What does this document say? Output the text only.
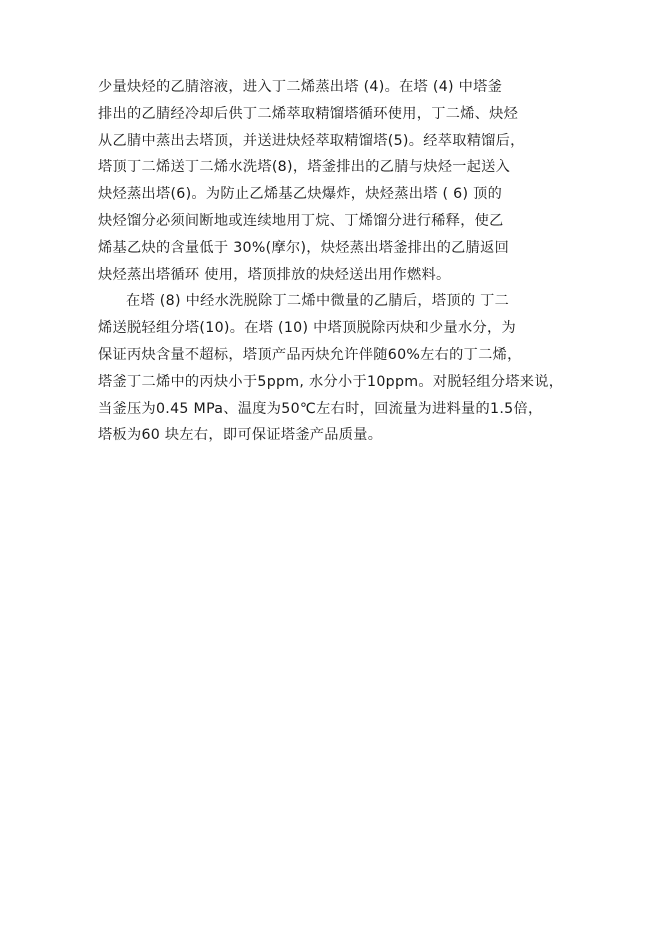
少量炔烃的乙腈溶液，进入丁二烯蒸出塔 (4)。在塔 (4) 中塔釜
排出的乙腈经冷却后供丁二烯萃取精馏塔循环使用，丁二烯、炔烃
从乙腈中蒸出去塔顶，并送进炔烃萃取精馏塔(5)。经萃取精馏后，
塔顶丁二烯送丁二烯水洗塔(8)，塔釜排出的乙腈与炔烃一起送入
炔烃蒸出塔(6)。为防止乙烯基乙炔爆炸，炔烃蒸出塔 ( 6) 顶的
炔烃馏分必须间断地或连续地用丁烷、丁烯馏分进行稀释，使乙
烯基乙炔的含量低于 30%(摩尔)，炔烃蒸出塔釜排出的乙腈返回
炔烃蒸出塔循环 使用，塔顶排放的炔烃送出用作燃料。
在塔 (8) 中经水洗脱除丁二烯中微量的乙腈后，塔顶的 丁二
烯送脱轻组分塔(10)。在塔 (10) 中塔顶脱除丙炔和少量水分，为
保证丙炔含量不超标，塔顶产品丙炔允许伴随60%左右的丁二烯，
塔釜丁二烯中的丙炔小于5ppm, 水分小于10ppm。对脱轻组分塔来说，
当釜压为0.45 MPa、温度为50℃左右时，回流量为进料量的1.5倍，
塔板为60 块左右，即可保证塔釜产品质量。
